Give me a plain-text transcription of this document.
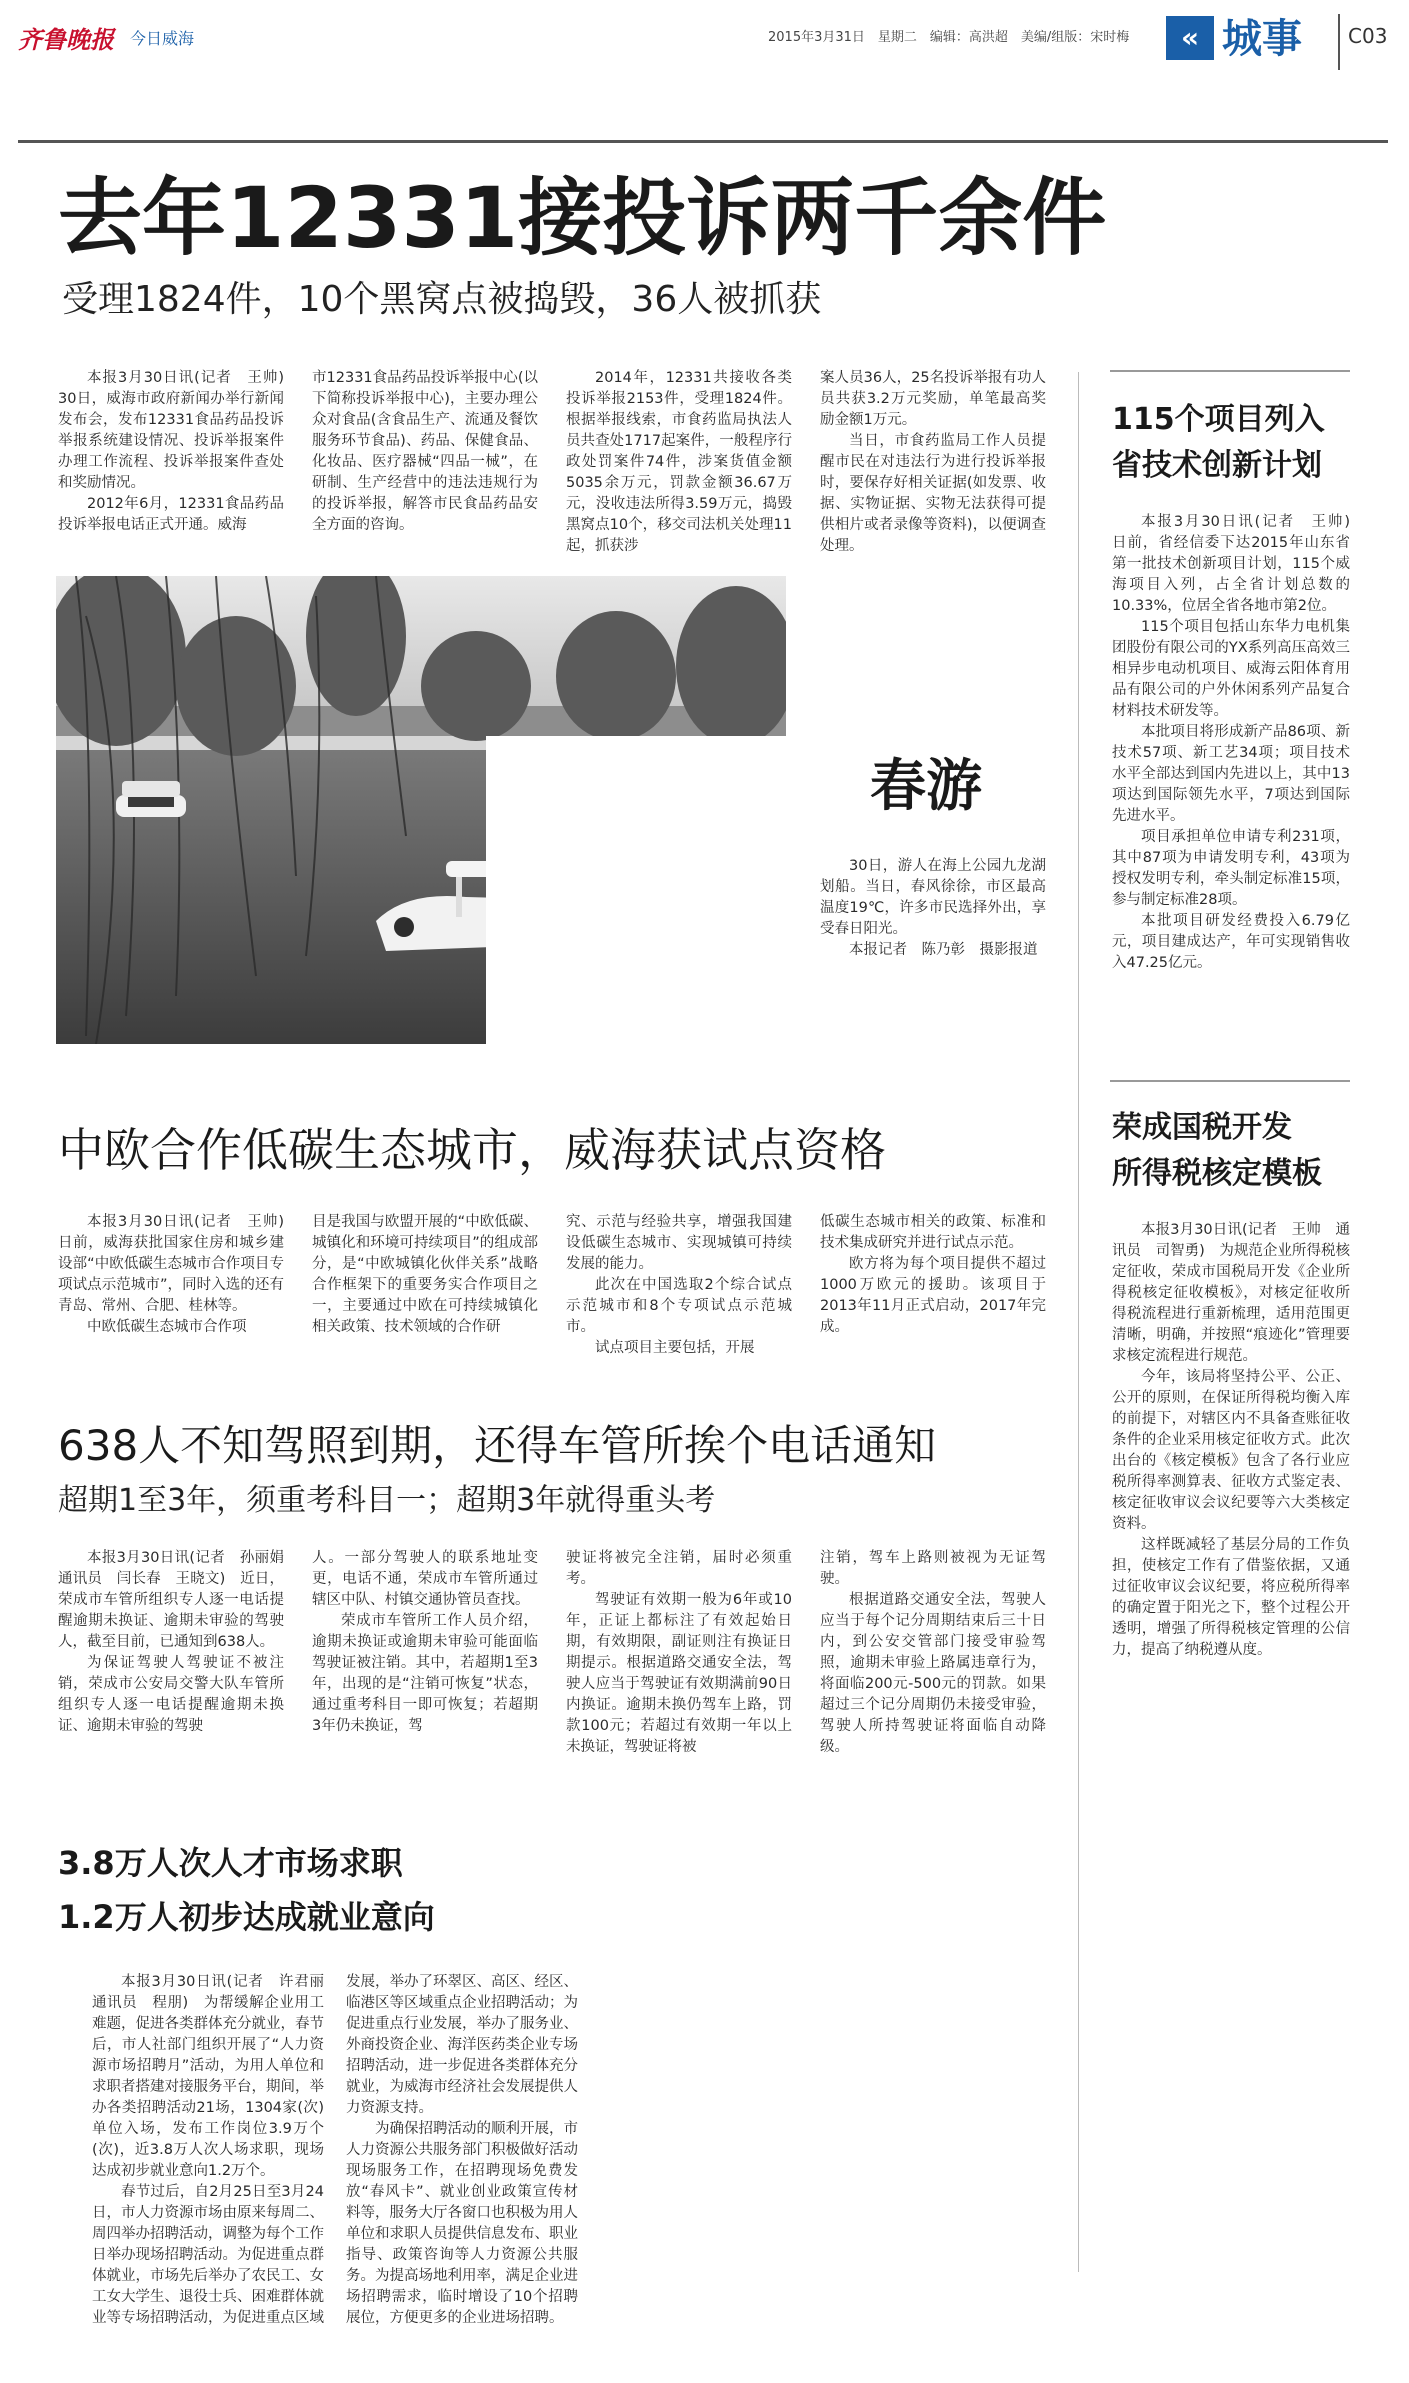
齐鲁晚报 今日威海	2015年3月31日　星期二　编辑：高洪超　美编/组版：宋时梅	« 城事 C03
去年12331接投诉两千余件
受理1824件，10个黑窝点被捣毁，36人被抓获

本报3月30日讯(记者　王帅)　30日，威海市政府新闻办举行新闻发布会，发布12331食品药品投诉举报系统建设情况、投诉举报案件办理工作流程、投诉举报案件查处和奖励情况。

2012年6月，12331食品药品投诉举报电话正式开通。威海

市12331食品药品投诉举报中心(以下简称投诉举报中心)，主要办理公众对食品(含食品生产、流通及餐饮服务环节食品)、药品、保健食品、化妆品、医疗器械“四品一械”，在研制、生产经营中的违法违规行为的投诉举报，解答市民食品药品安全方面的咨询。

2014年，12331共接收各类投诉举报2153件，受理1824件。根据举报线索，市食药监局执法人员共查处1717起案件，一般程序行政处罚案件74件，涉案货值金额5035余万元，罚款金额36.67万元，没收违法所得3.59万元，捣毁黑窝点10个，移交司法机关处理11起，抓获涉

案人员36人，25名投诉举报有功人员共获3.2万元奖励，单笔最高奖励金额1万元。

当日，市食药监局工作人员提醒市民在对违法行为进行投诉举报时，要保存好相关证据(如发票、收据、实物证据、实物无法获得可提供相片或者录像等资料)，以便调查处理。

春游

30日，游人在海上公园九龙湖划船。当日，春风徐徐，市区最高温度19℃，许多市民选择外出，享受春日阳光。

本报记者　陈乃彰　摄影报道

中欧合作低碳生态城市，威海获试点资格

本报3月30日讯(记者　王帅)　日前，威海获批国家住房和城乡建设部“中欧低碳生态城市合作项目专项试点示范城市”，同时入选的还有青岛、常州、合肥、桂林等。

中欧低碳生态城市合作项

目是我国与欧盟开展的“中欧低碳、城镇化和环境可持续项目”的组成部分，是“中欧城镇化伙伴关系”战略合作框架下的重要务实合作项目之一，主要通过中欧在可持续城镇化相关政策、技术领域的合作研

究、示范与经验共享，增强我国建设低碳生态城市、实现城镇可持续发展的能力。

此次在中国选取2个综合试点示范城市和8个专项试点示范城市。

试点项目主要包括，开展

低碳生态城市相关的政策、标准和技术集成研究并进行试点示范。

欧方将为每个项目提供不超过1000万欧元的援助。该项目于2013年11月正式启动，2017年完成。

638人不知驾照到期，还得车管所挨个电话通知
超期1至3年，须重考科目一；超期3年就得重头考

本报3月30日讯(记者　孙丽娟　通讯员　闫长春　王晓文)　近日，荣成市车管所组织专人逐一电话提醒逾期未换证、逾期未审验的驾驶人，截至目前，已通知到638人。

为保证驾驶人驾驶证不被注销，荣成市公安局交警大队车管所组织专人逐一电话提醒逾期未换证、逾期未审验的驾驶

人。一部分驾驶人的联系地址变更，电话不通，荣成市车管所通过辖区中队、村镇交通协管员查找。

荣成市车管所工作人员介绍，逾期未换证或逾期未审验可能面临驾驶证被注销。其中，若超期1至3年，出现的是“注销可恢复”状态，通过重考科目一即可恢复；若超期3年仍未换证，驾

驶证将被完全注销，届时必须重考。

驾驶证有效期一般为6年或10年，正证上都标注了有效起始日期，有效期限，副证则注有换证日期提示。根据道路交通安全法，驾驶人应当于驾驶证有效期满前90日内换证。逾期未换仍驾车上路，罚款100元；若超过有效期一年以上未换证，驾驶证将被

注销，驾车上路则被视为无证驾驶。

根据道路交通安全法，驾驶人应当于每个记分周期结束后三十日内，到公安交管部门接受审验驾照，逾期未审验上路属违章行为，将面临200元-500元的罚款。如果超过三个记分周期仍未接受审验，驾驶人所持驾驶证将面临自动降级。

3.8万人次人才市场求职
1.2万人初步达成就业意向

本报3月30日讯(记者　许君丽　通讯员　程朋)　为帮缓解企业用工难题，促进各类群体充分就业，春节后，市人社部门组织开展了“人力资源市场招聘月”活动，为用人单位和求职者搭建对接服务平台，期间，举办各类招聘活动21场，1304家(次)单位入场，发布工作岗位3.9万个(次)，近3.8万人次人场求职，现场达成初步就业意向1.2万个。

春节过后，自2月25日至3月24日，市人力资源市场由原来每周二、周四举办招聘活动，调整为每个工作日举办现场招聘活动。为促进重点群体就业，市场先后举办了农民工、女工女大学生、退役士兵、困难群体就业等专场招聘活动，为促进重点区域

发展，举办了环翠区、高区、经区、临港区等区域重点企业招聘活动；为促进重点行业发展，举办了服务业、外商投资企业、海洋医药类企业专场招聘活动，进一步促进各类群体充分就业，为威海市经济社会发展提供人力资源支持。

为确保招聘活动的顺利开展，市人力资源公共服务部门积极做好活动现场服务工作，在招聘现场免费发放“春风卡”、就业创业政策宣传材料等，服务大厅各窗口也积极为用人单位和求职人员提供信息发布、职业指导、政策咨询等人力资源公共服务。为提高场地利用率，满足企业进场招聘需求，临时增设了10个招聘展位，方便更多的企业进场招聘。

115个项目列入
省技术创新计划

本报3月30日讯(记者　王帅)　日前，省经信委下达2015年山东省第一批技术创新项目计划，115个威海项目入列，占全省计划总数的10.33%，位居全省各地市第2位。

115个项目包括山东华力电机集团股份有限公司的YX系列高压高效三相异步电动机项目、威海云阳体育用品有限公司的户外休闲系列产品复合材料技术研发等。

本批项目将形成新产品86项、新技术57项、新工艺34项；项目技术水平全部达到国内先进以上，其中13项达到国际领先水平，7项达到国际先进水平。

项目承担单位申请专利231项，其中87项为申请发明专利，43项为授权发明专利，牵头制定标准15项，参与制定标准28项。

本批项目研发经费投入6.79亿元，项目建成达产，年可实现销售收入47.25亿元。

荣成国税开发
所得税核定模板

本报3月30日讯(记者　王帅　通讯员　司智勇)　为规范企业所得税核定征收，荣成市国税局开发《企业所得税核定征收模板》，对核定征收所得税流程进行重新梳理，适用范围更清晰，明确，并按照“痕迹化”管理要求核定流程进行规范。

今年，该局将坚持公平、公正、公开的原则，在保证所得税均衡入库的前提下，对辖区内不具备查账征收条件的企业采用核定征收方式。此次出台的《核定模板》包含了各行业应税所得率测算表、征收方式鉴定表、核定征收审议会议纪要等六大类核定资料。

这样既减轻了基层分局的工作负担，使核定工作有了借鉴依据，又通过征收审议会议纪要，将应税所得率的确定置于阳光之下，整个过程公开透明，增强了所得税核定管理的公信力，提高了纳税遵从度。
